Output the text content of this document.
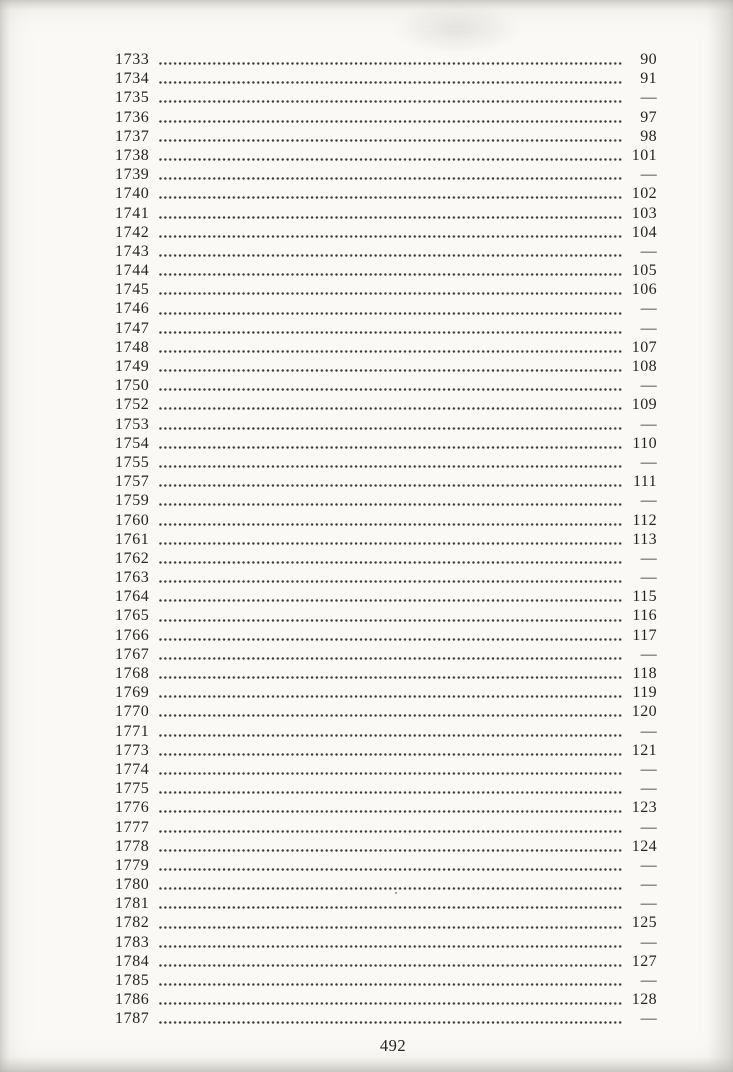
1733	90
1734	91
1735	—
1736	97
1737	98
1738	101
1739	—
1740	102
1741	103
1742	104
1743	—
1744	105
1745	106
1746	—
1747	—
1748	107
1749	108
1750	—
1752	109
1753	—
1754	110
1755	—
1757	111
1759	—
1760	112
1761	113
1762	—
1763	—
1764	115
1765	116
1766	117
1767	—
1768	118
1769	119
1770	120
1771	—
1773	121
1774	—
1775	—
1776	123
1777	—
1778	124
1779	—
1780	—
1781	—
1782	125
1783	—
1784	127
1785	—
1786	128
1787	—
492
